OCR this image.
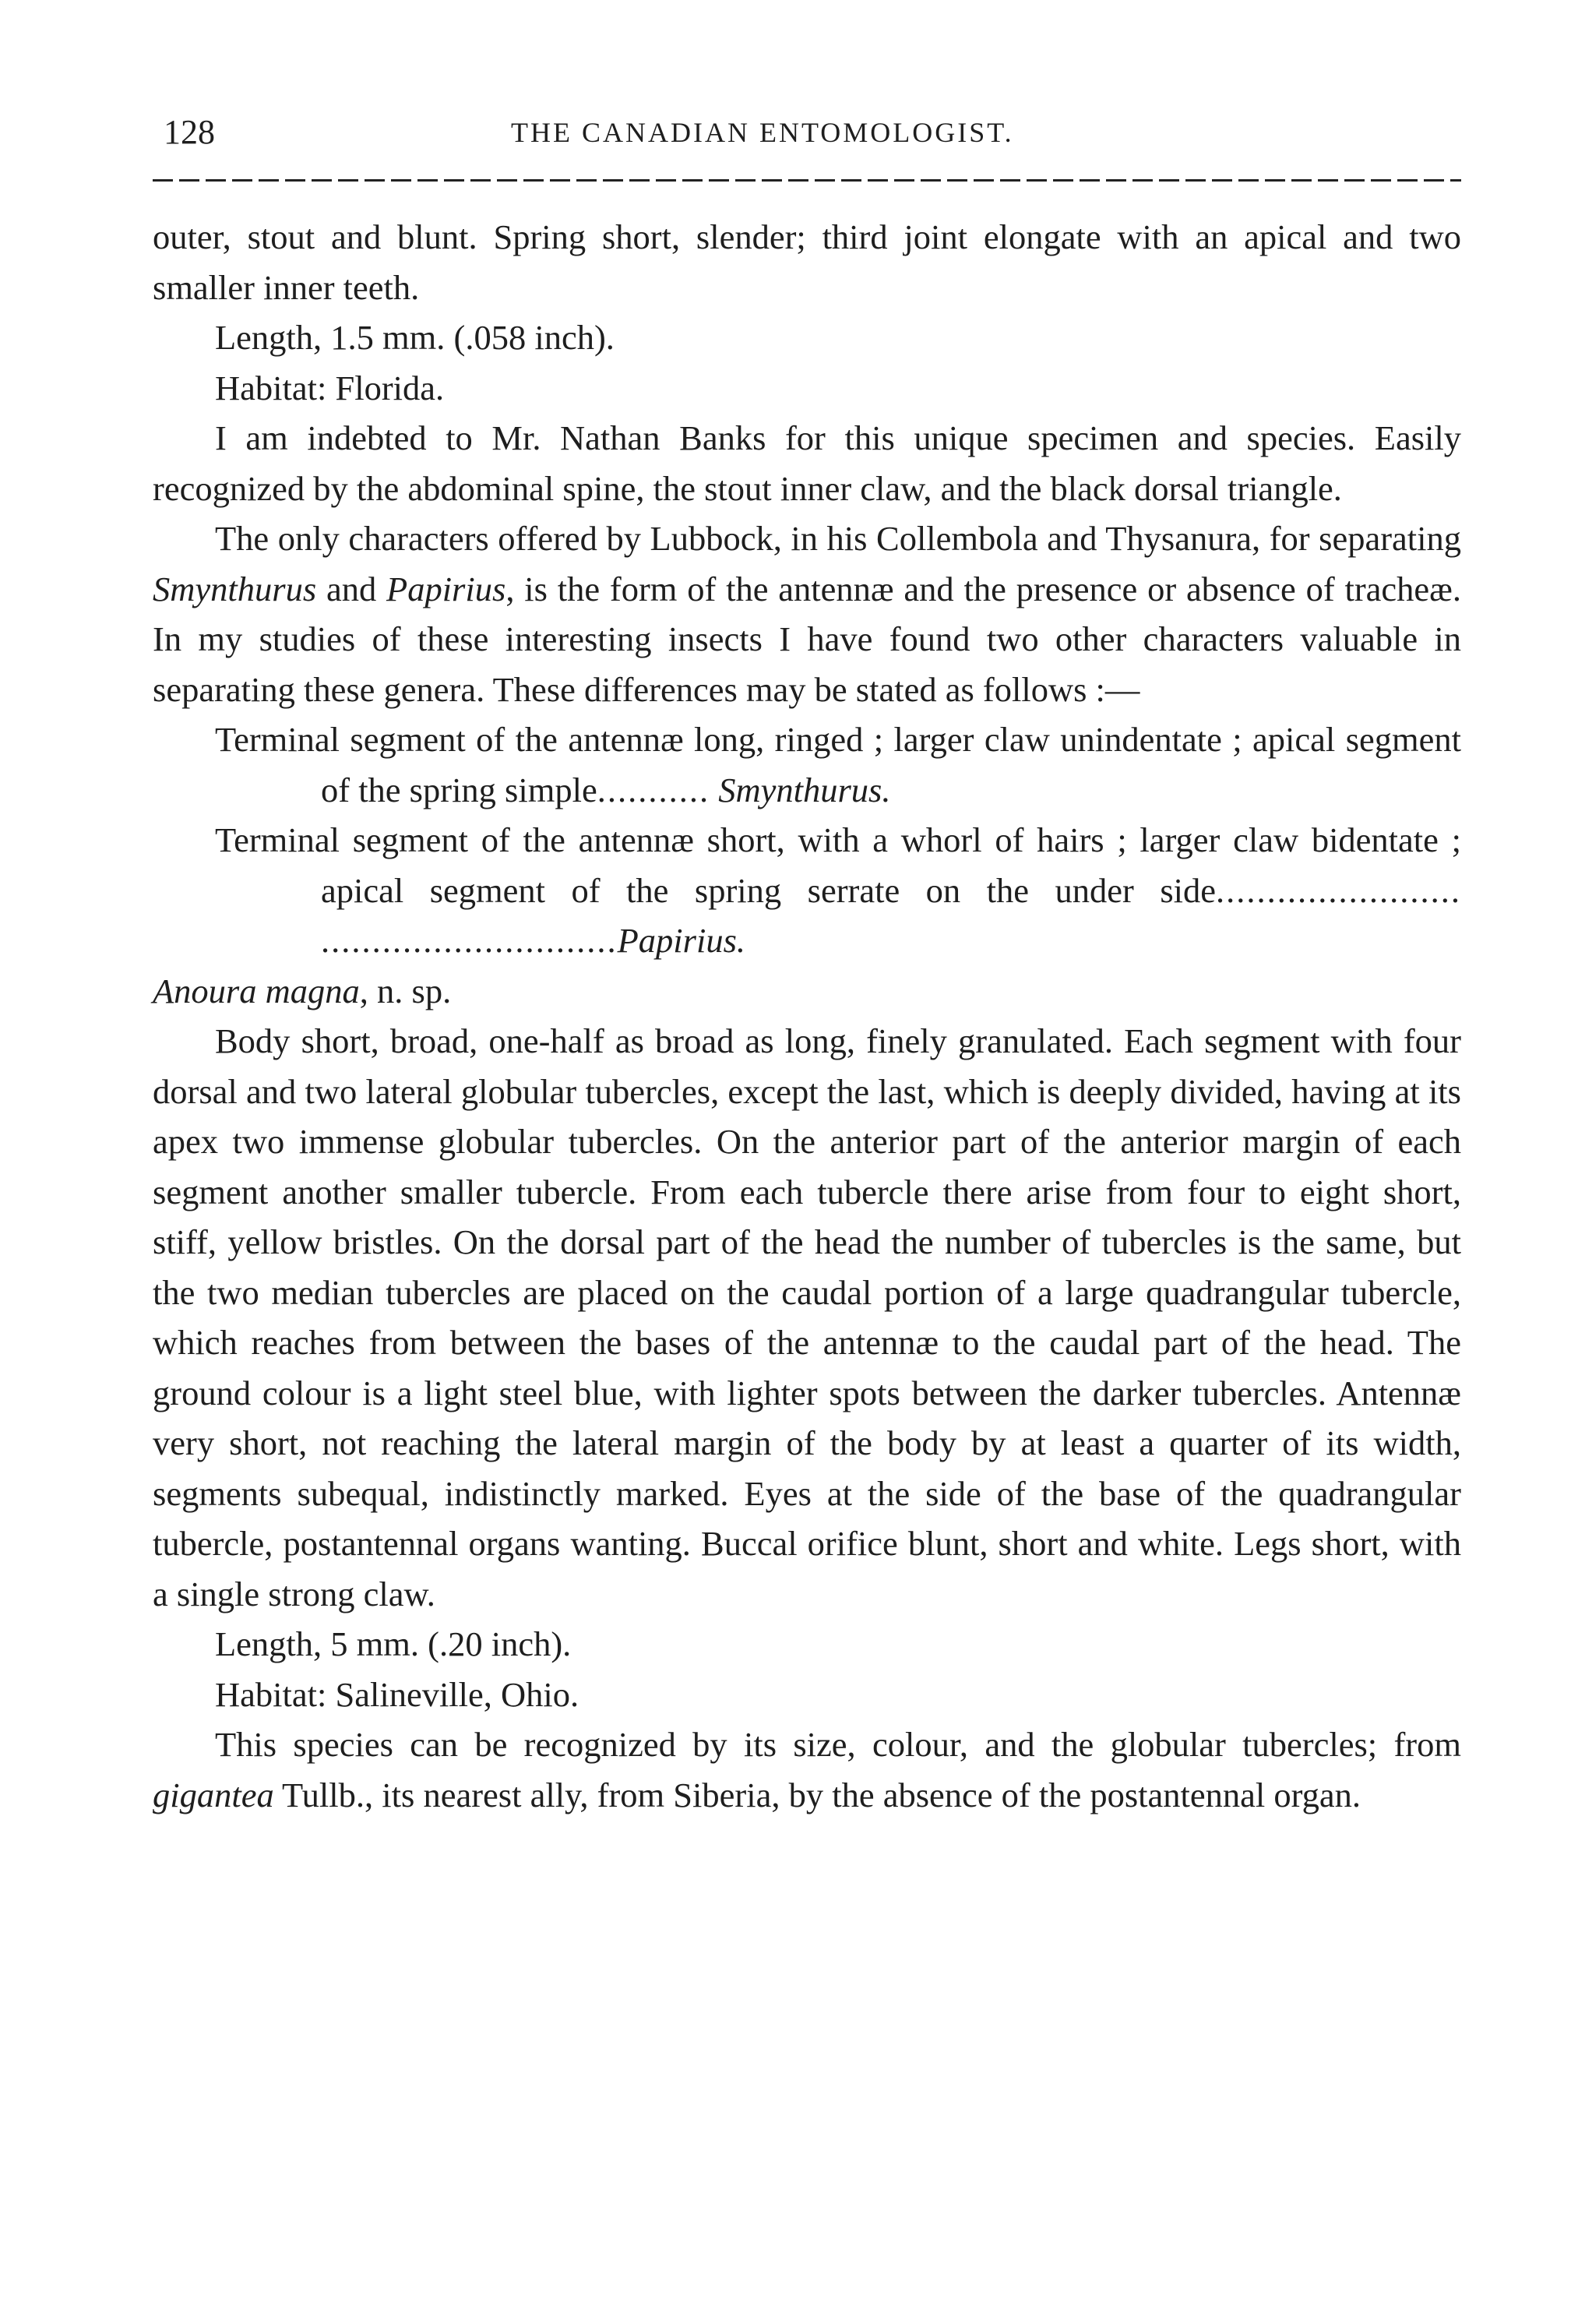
128	THE CANADIAN ENTOMOLOGIST.

outer, stout and blunt. Spring short, slender; third joint elongate with an apical and two smaller inner teeth.

Length, 1.5 mm. (.058 inch).

Habitat: Florida.

I am indebted to Mr. Nathan Banks for this unique specimen and species. Easily recognized by the abdominal spine, the stout inner claw, and the black dorsal triangle.

The only characters offered by Lubbock, in his Collembola and Thysanura, for separating Smynthurus and Papirius, is the form of the antennæ and the presence or absence of tracheæ. In my studies of these interesting insects I have found two other characters valuable in separating these genera. These differences may be stated as follows :—

Terminal segment of the antennæ long, ringed ; larger claw unindentate ; apical segment of the spring simple........... Smynthurus.

Terminal segment of the antennæ short, with a whorl of hairs ; larger claw bidentate ; apical segment of the spring serrate on the under side........................ .............................Papirius.

Anoura magna, n. sp.

Body short, broad, one-half as broad as long, finely granulated. Each segment with four dorsal and two lateral globular tubercles, except the last, which is deeply divided, having at its apex two immense globular tubercles. On the anterior part of the anterior margin of each segment another smaller tubercle. From each tubercle there arise from four to eight short, stiff, yellow bristles. On the dorsal part of the head the number of tubercles is the same, but the two median tubercles are placed on the caudal portion of a large quadrangular tubercle, which reaches from between the bases of the antennæ to the caudal part of the head. The ground colour is a light steel blue, with lighter spots between the darker tubercles. Antennæ very short, not reaching the lateral margin of the body by at least a quarter of its width, segments subequal, indistinctly marked. Eyes at the side of the base of the quadrangular tubercle, postantennal organs wanting. Buccal orifice blunt, short and white. Legs short, with a single strong claw.

Length, 5 mm. (.20 inch).

Habitat: Salineville, Ohio.

This species can be recognized by its size, colour, and the globular tubercles; from gigantea Tullb., its nearest ally, from Siberia, by the absence of the postantennal organ.
